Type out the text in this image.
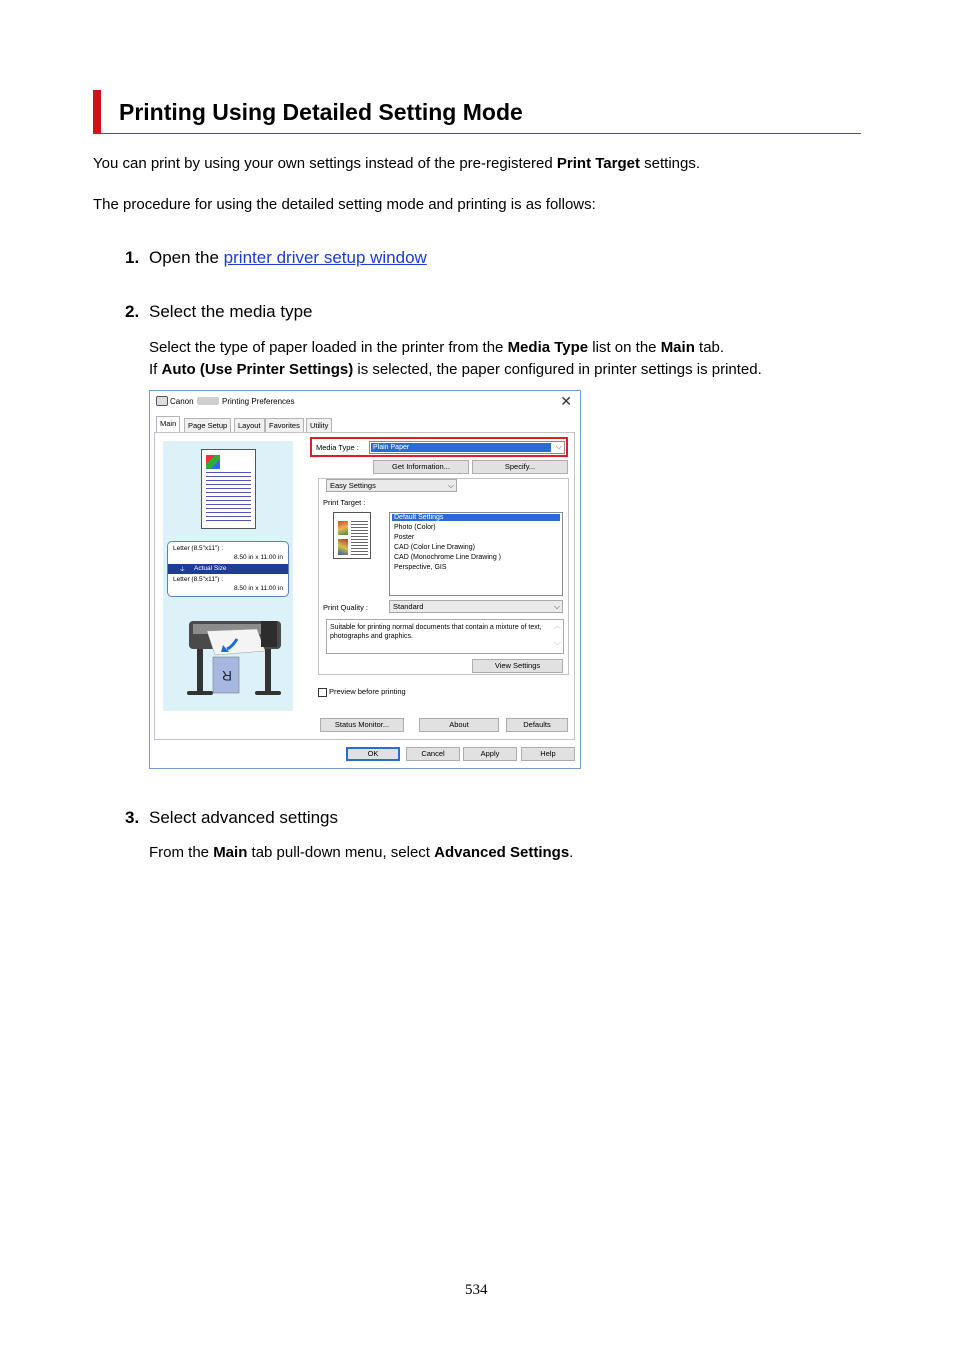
Printing Using Detailed Setting Mode
You can print by using your own settings instead of the pre-registered Print Target settings.
The procedure for using the detailed setting mode and printing is as follows:
1. Open the printer driver setup window
2. Select the media type
Select the type of paper loaded in the printer from the Media Type list on the Main tab.
If Auto (Use Printer Settings) is selected, the paper configured in printer settings is printed.
Canon	Printing Preferences	✕
Main	Page Setup	Layout	Favorites	Utility
Letter (8.5"x11") :
8.50 in x 11.00 in
🡣 Actual Size
Letter (8.5"x11") :
8.50 in x 11.00 in
R
Media Type : Plain Paper	⌵
Get Information...	Specify...
Easy Settings	⌵
Print Target :
Default Settings
Photo (Color)
Poster
CAD (Color Line Drawing)
CAD (Monochrome Line Drawing )
Perspective, GIS
Print Quality :	Standard	⌵
Suitable for printing normal documents that contain a mixture of text, photographs and graphics.
︿
﹀
View Settings
Preview before printing
Status Monitor...	About	Defaults
OK	Cancel	Apply	Help
3. Select advanced settings
From the Main tab pull-down menu, select Advanced Settings.
534
